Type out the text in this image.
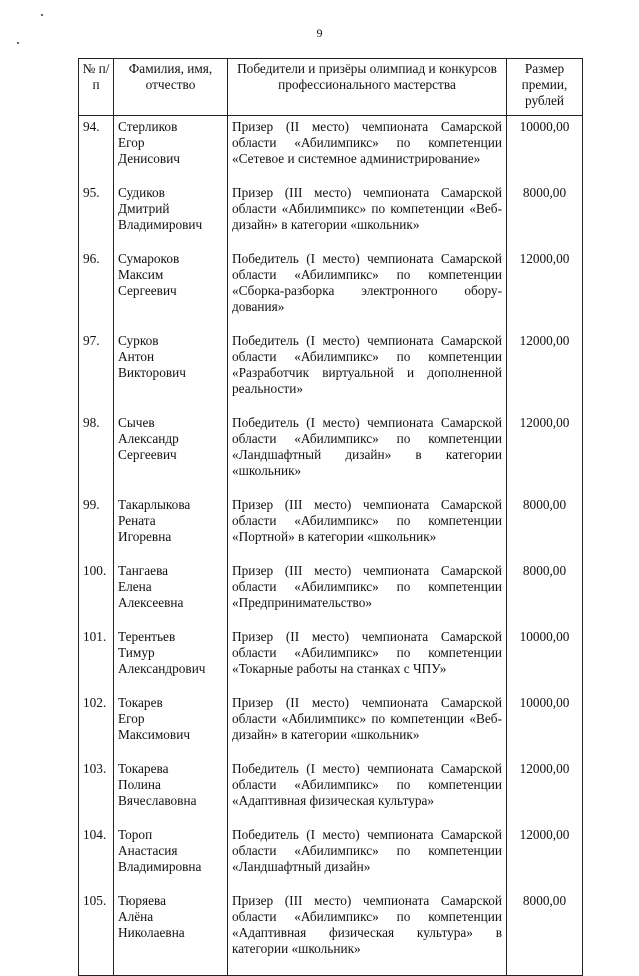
9
№ п/п	Фамилия, имя, отчество	Победители и призёры олимпиад и конкурсов профессионального мастерства	Размер премии, рублей
94.	Стерликов
Егор
Денисович	Призер (II место) чемпионата Самарской области «Абилимпикс» по компетенции «Сетевое и системное администрирование»	10000,00
95.	Судиков
Дмитрий
Владимирович	Призер (III место) чемпионата Самарской области «Абилимпикс» по компетенции «Веб-дизайн» в категории «школьник»	8000,00
96.	Сумароков
Максим
Сергеевич	Победитель (I место) чемпионата Самарской области «Абилимпикс» по компетенции «Сборка-разборка электронного обору-дования»	12000,00
97.	Сурков
Антон
Викторович	Победитель (I место) чемпионата Самарской области «Абилимпикс» по компетенции «Разработчик виртуальной и дополненной реальности»	12000,00
98.	Сычев
Александр
Сергеевич	Победитель (I место) чемпионата Самарской области «Абилимпикс» по компетенции «Ландшафтный дизайн» в категории «школьник»	12000,00
99.	Такарлыкова
Рената
Игоревна	Призер (III место) чемпионата Самарской области «Абилимпикс» по компетенции «Портной» в категории «школьник»	8000,00
100.	Тангаева
Елена
Алексеевна	Призер (III место) чемпионата Самарской области «Абилимпикс» по компетенции «Предпринимательство»	8000,00
101.	Терентьев
Тимур
Александрович	Призер (II место) чемпионата Самарской области «Абилимпикс» по компетенции «Токарные работы на станках с ЧПУ»	10000,00
102.	Токарев
Егор
Максимович	Призер (II место) чемпионата Самарской области «Абилимпикс» по компетенции «Веб-дизайн» в категории «школьник»	10000,00
103.	Токарева
Полина
Вячеславовна	Победитель (I место) чемпионата Самарской области «Абилимпикс» по компетенции «Адаптивная физическая культура»	12000,00
104.	Тороп
Анастасия
Владимировна	Победитель (I место) чемпионата Самарской области «Абилимпикс» по компетенции «Ландшафтный дизайн»	12000,00
105.	Тюряева
Алёна
Николаевна	Призер (III место) чемпионата Самарской области «Абилимпикс» по компетенции «Адаптивная физическая культура» в категории «школьник»	8000,00
